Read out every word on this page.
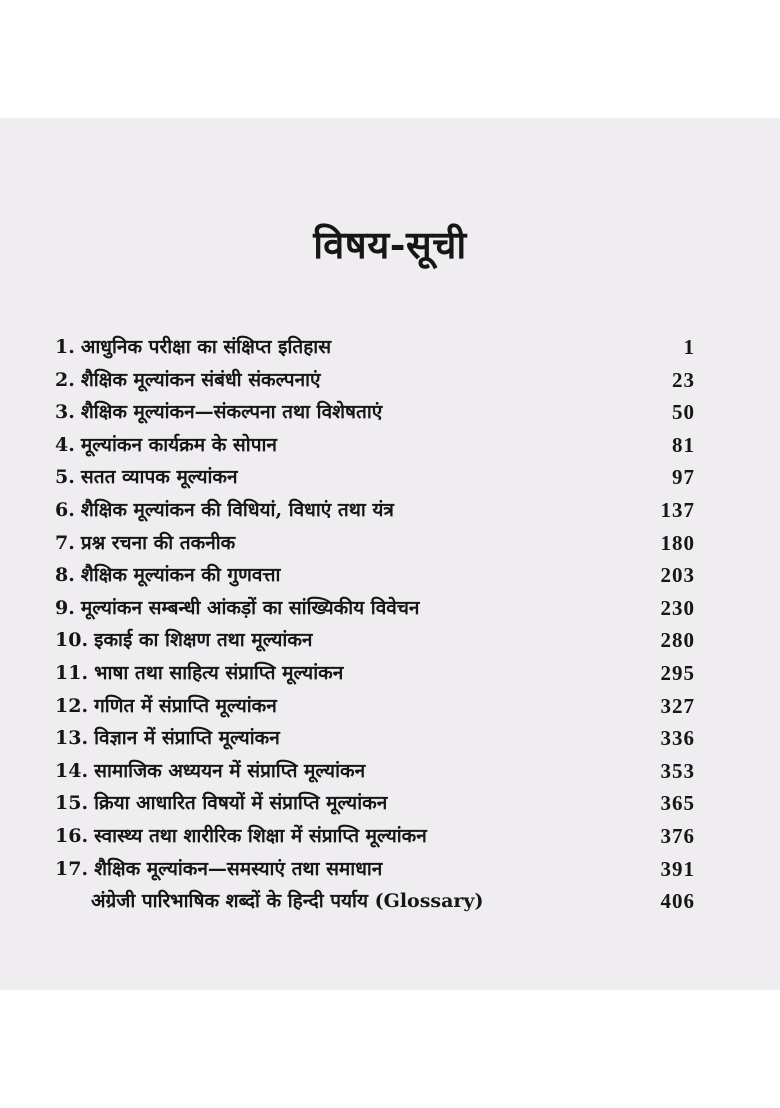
विषय-सूची
1. आधुनिक परीक्षा का संक्षिप्त इतिहास	1
2. शैक्षिक मूल्यांकन संबंधी संकल्पनाएं	23
3. शैक्षिक मूल्यांकन—संकल्पना तथा विशेषताएं	50
4. मूल्यांकन कार्यक्रम के सोपान	81
5. सतत व्यापक मूल्यांकन	97
6. शैक्षिक मूल्यांकन की विधियां, विधाएं तथा यंत्र	137
7. प्रश्न रचना की तकनीक	180
8. शैक्षिक मूल्यांकन की गुणवत्ता	203
9. मूल्यांकन सम्बन्धी आंकड़ों का सांख्यिकीय विवेचन	230
10. इकाई का शिक्षण तथा मूल्यांकन	280
11. भाषा तथा साहित्य संप्राप्ति मूल्यांकन	295
12. गणित में संप्राप्ति मूल्यांकन	327
13. विज्ञान में संप्राप्ति मूल्यांकन	336
14. सामाजिक अध्ययन में संप्राप्ति मूल्यांकन	353
15. क्रिया आधारित विषयों में संप्राप्ति मूल्यांकन	365
16. स्वास्थ्य तथा शारीरिक शिक्षा में संप्राप्ति मूल्यांकन	376
17. शैक्षिक मूल्यांकन—समस्याएं तथा समाधान	391
अंग्रेजी पारिभाषिक शब्दों के हिन्दी पर्याय (Glossary)	406
